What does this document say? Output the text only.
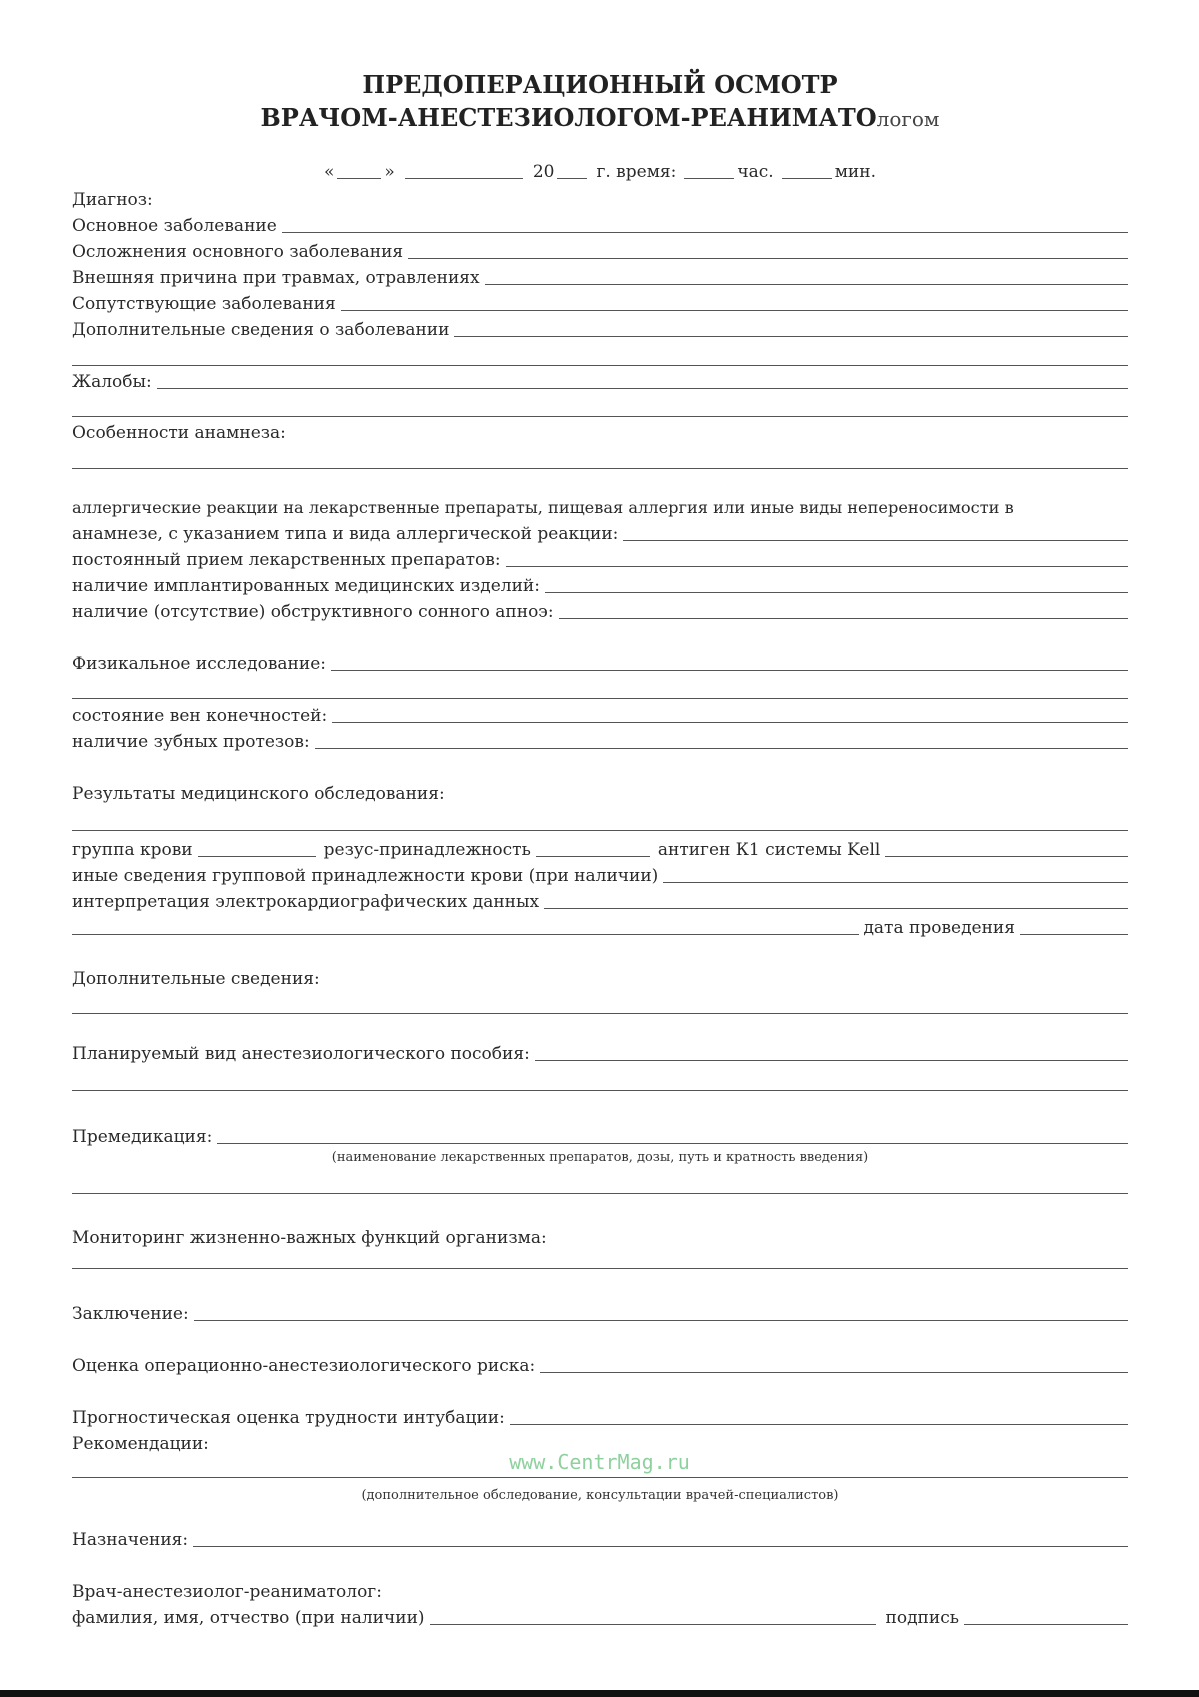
ПРЕДОПЕРАЦИОННЫЙ ОСМОТР
ВРАЧОМ-АНЕСТЕЗИОЛОГОМ-РЕАНИМАТОлогом
«	»	20 г. время:	час.	мин.
Диагноз:
Основное заболевание
Осложнения основного заболевания
Внешняя причина при травмах, отравлениях
Сопутствующие заболевания
Дополнительные сведения о заболевании
Жалобы:
Особенности анамнеза:
аллергические реакции на лекарственные препараты, пищевая аллергия или иные виды непереносимости в
анамнезе, с указанием типа и вида аллергической реакции:
постоянный прием лекарственных препаратов:
наличие имплантированных медицинских изделий:
наличие (отсутствие) обструктивного сонного апноэ:
Физикальное исследование:
состояние вен конечностей:
наличие зубных протезов:
Результаты медицинского обследования:
группа крови	резус-принадлежность	антиген К1 системы Kell
иные сведения групповой принадлежности крови (при наличии)
интерпретация электрокардиографических данных
дата проведения
Дополнительные сведения:
Планируемый вид анестезиологического пособия:
Премедикация:
(наименование лекарственных препаратов, дозы, путь и кратность введения)
Мониторинг жизненно-важных функций организма:
Заключение:
Оценка операционно-анестезиологического риска:
Прогностическая оценка трудности интубации:
Рекомендации:
(дополнительное обследование, консультации врачей-специалистов)
Назначения:
Врач-анестезиолог-реаниматолог:
фамилия, имя, отчество (при наличии)	подпись
www.CentrMag.ru
